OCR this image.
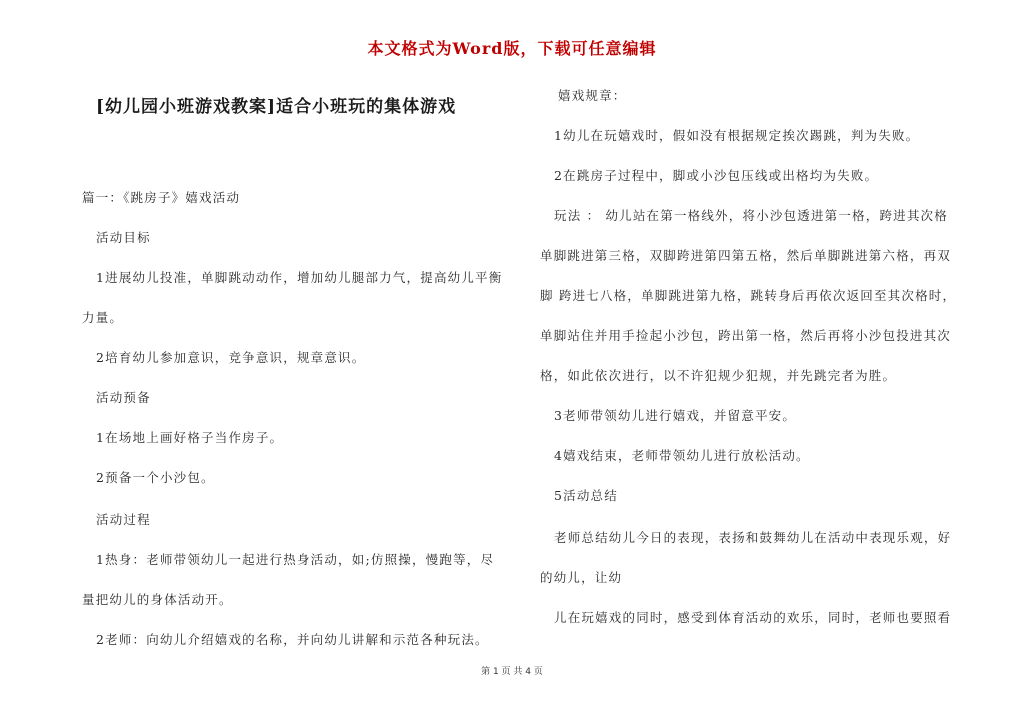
本文格式为Word版，下载可任意编辑
[幼儿园小班游戏教案]适合小班玩的集体游戏

篇一：《跳房子》嬉戏活动

活动目标

1进展幼儿投准，单脚跳动动作，增加幼儿腿部力气，提高幼儿平衡

力量。

2培育幼儿参加意识，竞争意识，规章意识。

活动预备

1在场地上画好格子当作房子。

2预备一个小沙包。

活动过程

1热身：老师带领幼儿一起进行热身活动，如;仿照操，慢跑等，尽

量把幼儿的身体活动开。

2老师：向幼儿介绍嬉戏的名称，并向幼儿讲解和示范各种玩法。

嬉戏规章：

1幼儿在玩嬉戏时，假如没有根据规定挨次踢跳，判为失败。

2在跳房子过程中，脚或小沙包压线或出格均为失败。

玩法 ： 幼儿站在第一格线外，将小沙包透进第一格，跨进其次格

单脚跳进第三格，双脚跨进第四第五格，然后单脚跳进第六格，再双

脚 跨进七八格，单脚跳进第九格，跳转身后再依次返回至其次格时，

单脚站住并用手捡起小沙包，跨出第一格，然后再将小沙包投进其次

格，如此依次进行，以不许犯规少犯规，并先跳完者为胜。

3老师带领幼儿进行嬉戏，并留意平安。

4嬉戏结束，老师带领幼儿进行放松活动。

5活动总结

老师总结幼儿今日的表现，表扬和鼓舞幼儿在活动中表现乐观，好

的幼儿，让幼

儿在玩嬉戏的同时，感受到体育活动的欢乐，同时，老师也要照看

第 1 页 共 4 页
